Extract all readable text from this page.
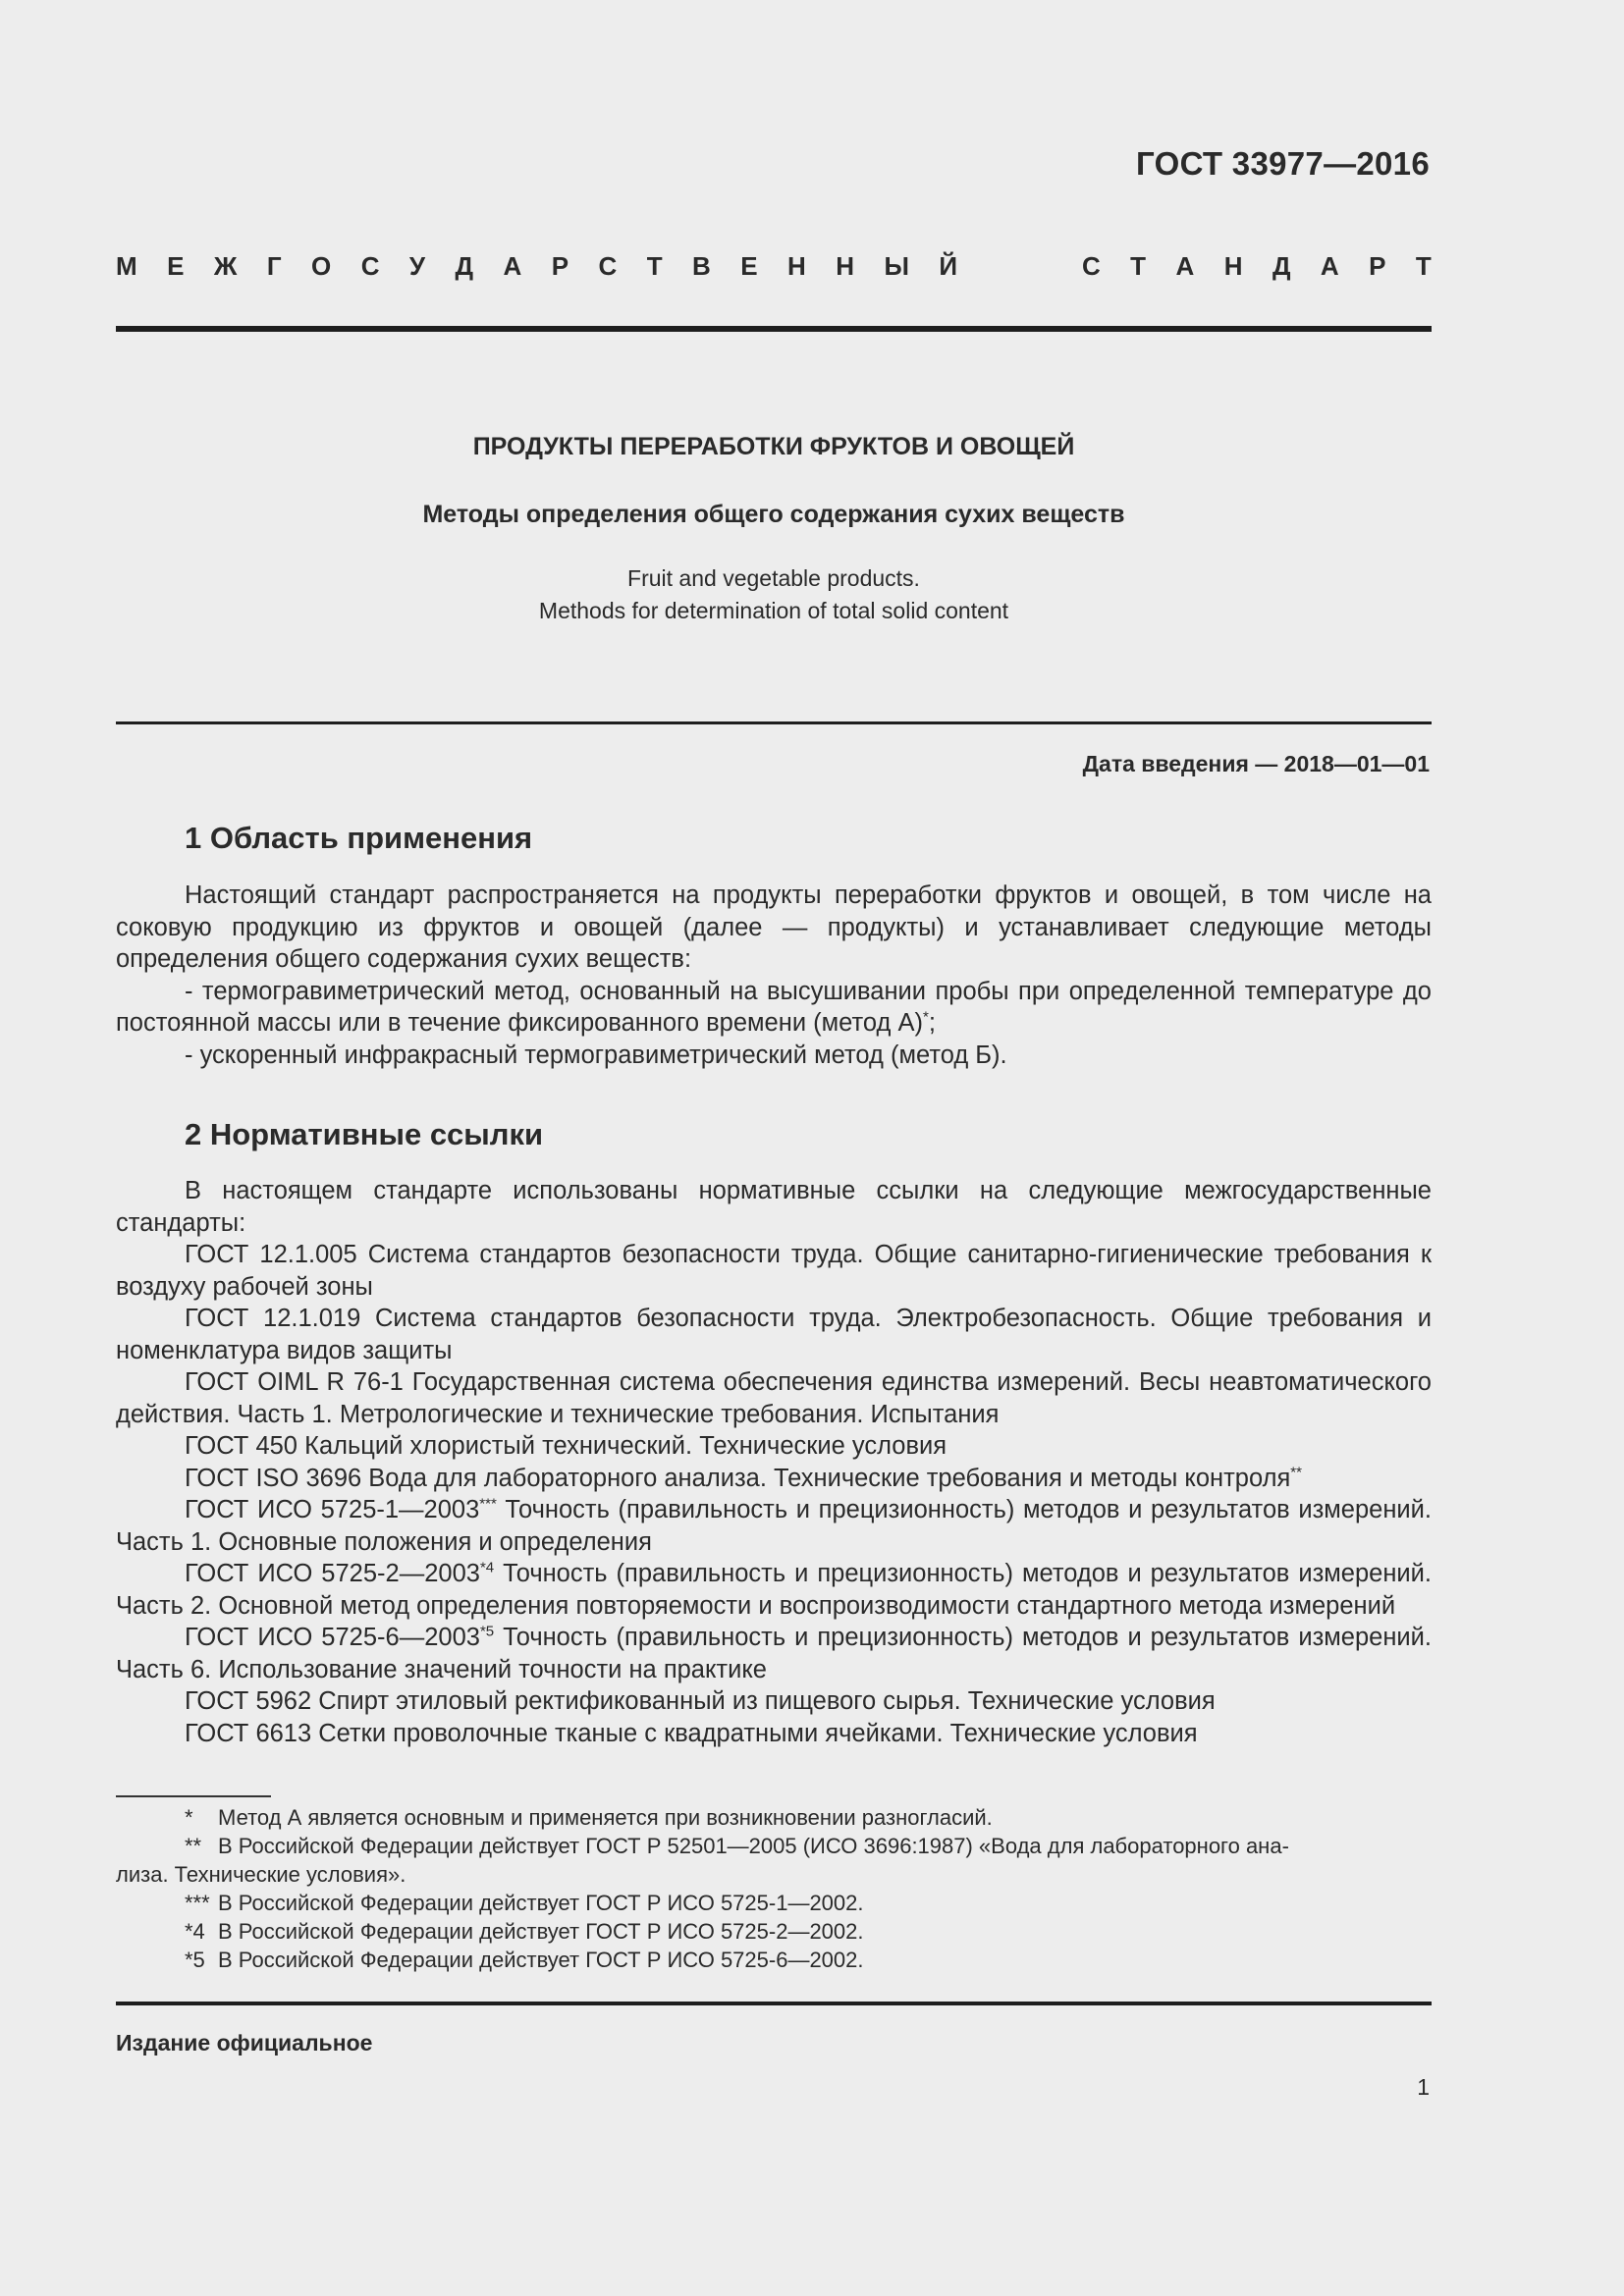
ГОСТ 33977—2016
М Е Ж Г О С У Д А Р С Т В Е Н Н Ы Й	С Т А Н Д А Р Т
ПРОДУКТЫ ПЕРЕРАБОТКИ ФРУКТОВ И ОВОЩЕЙ
Методы определения общего содержания сухих веществ
Fruit and vegetable products.
Methods for determination of total solid content
Дата введения — 2018—01—01
1 Область применения

Настоящий стандарт распространяется на продукты переработки фруктов и овощей, в том числе на соковую продукцию из фруктов и овощей (далее — продукты) и устанавливает следующие методы определения общего содержания сухих веществ:

- термогравиметрический метод, основанный на высушивании пробы при определенной температуре до постоянной массы или в течение фиксированного времени (метод А)*;

- ускоренный инфракрасный термогравиметрический метод (метод Б).

2 Нормативные ссылки

В настоящем стандарте использованы нормативные ссылки на следующие межгосударственные стандарты:

ГОСТ 12.1.005 Система стандартов безопасности труда. Общие санитарно-гигиенические требования к воздуху рабочей зоны

ГОСТ 12.1.019 Система стандартов безопасности труда. Электробезопасность. Общие требования и номенклатура видов защиты

ГОСТ OIML R 76-1 Государственная система обеспечения единства измерений. Весы неавтоматического действия. Часть 1. Метрологические и технические требования. Испытания

ГОСТ 450 Кальций хлористый технический. Технические условия

ГОСТ ISO 3696 Вода для лабораторного анализа. Технические требования и методы контроля**

ГОСТ ИСО 5725-1—2003*** Точность (правильность и прецизионность) методов и результатов измерений. Часть 1. Основные положения и определения

ГОСТ ИСО 5725-2—2003$^{*4}$ Точность (правильность и прецизионность) методов и результатов измерений. Часть 2. Основной метод определения повторяемости и воспроизводимости стандартного метода измерений

ГОСТ ИСО 5725-6—2003$^{*5}$ Точность (правильность и прецизионность) методов и результатов измерений. Часть 6. Использование значений точности на практике

ГОСТ 5962 Спирт этиловый ректификованный из пищевого сырья. Технические условия

ГОСТ 6613 Сетки проволочные тканые с квадратными ячейками. Технические условия

* Метод А является основным и применяется при возникновении разногласий.

** В Российской Федерации действует ГОСТ Р 52501—2005 (ИСО 3696:1987) «Вода для лабораторного ана-

лиза. Технические условия».

*** В Российской Федерации действует ГОСТ Р ИСО 5725-1—2002.

*4 В Российской Федерации действует ГОСТ Р ИСО 5725-2—2002.

*5 В Российской Федерации действует ГОСТ Р ИСО 5725-6—2002.

Издание официальное
1
